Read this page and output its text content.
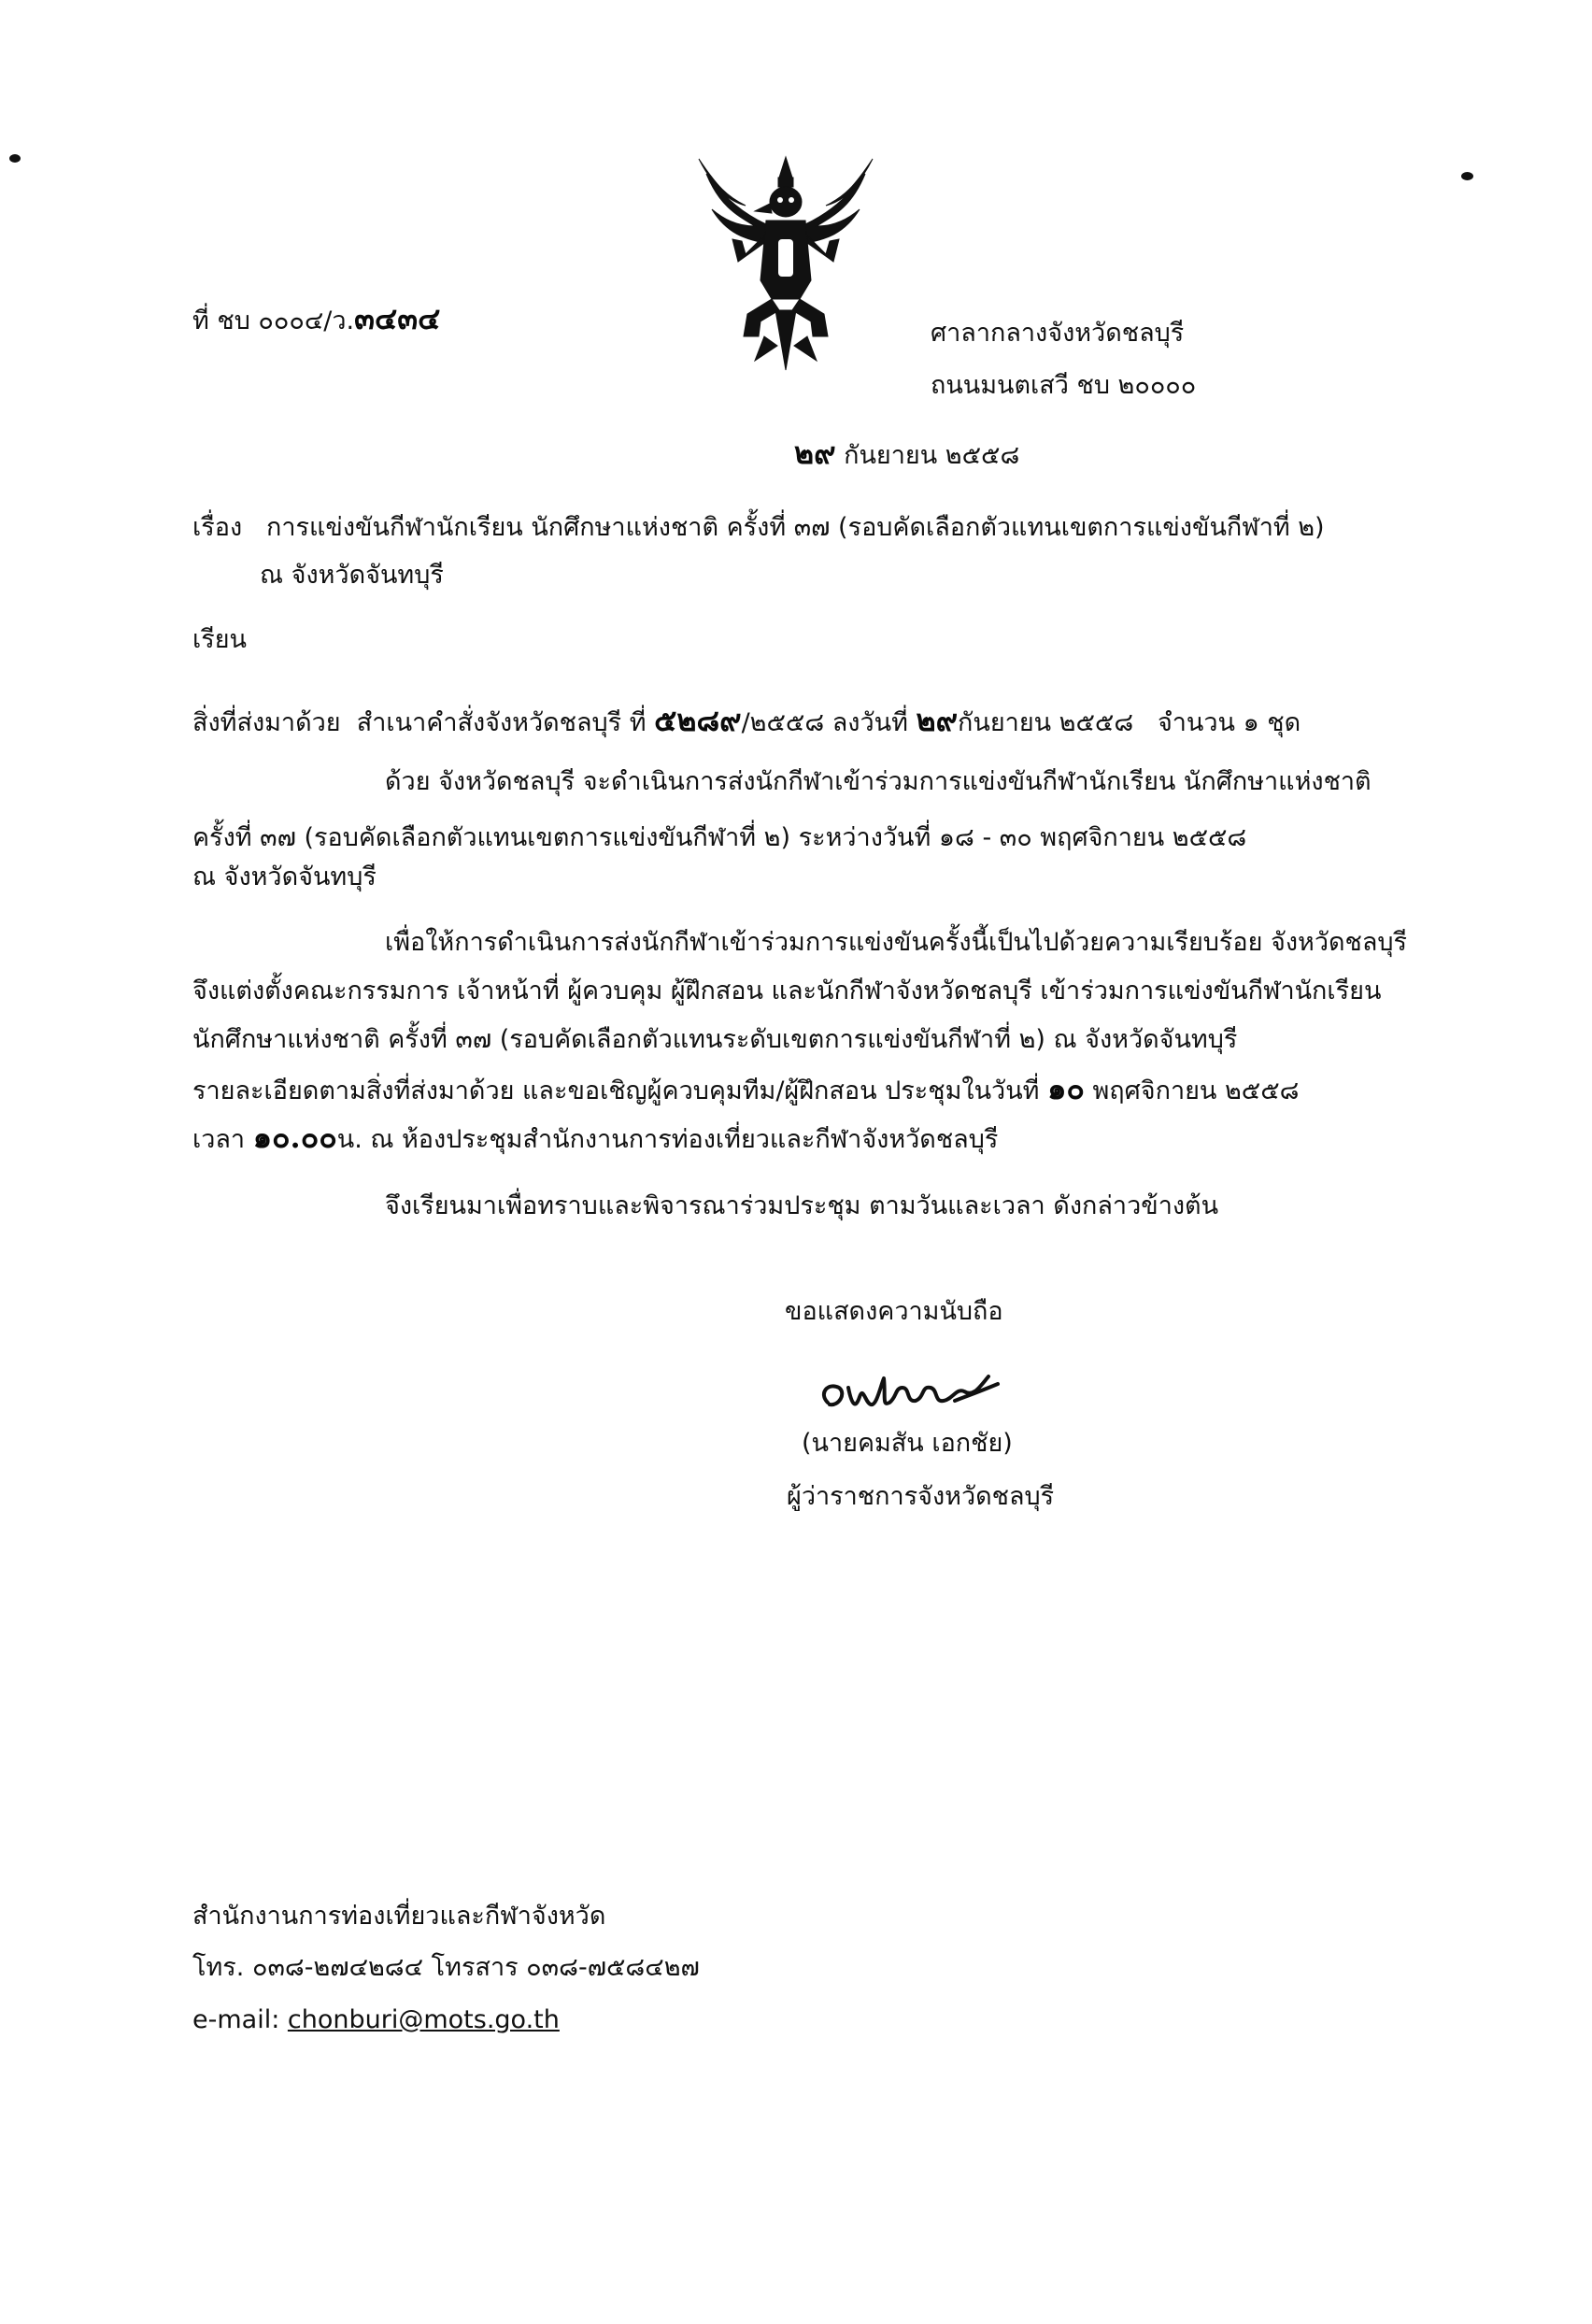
ที่ ชบ ๐๐๐๔/ว.๓๔๓๔	ศาลากลางจังหวัดชลบุรี
ถนนมนตเสวี ชบ ๒๐๐๐๐
๒๙ กันยายน ๒๕๕๘
เรื่อง การแข่งขันกีฬานักเรียน นักศึกษาแห่งชาติ ครั้งที่ ๓๗ (รอบคัดเลือกตัวแทนเขตการแข่งขันกีฬาที่ ๒)
ณ จังหวัดจันทบุรี
เรียน
สิ่งที่ส่งมาด้วย สำเนาคำสั่งจังหวัดชลบุรี ที่ ๕๒๘๙/๒๕๕๘ ลงวันที่ ๒๙กันยายน ๒๕๕๘ จำนวน ๑ ชุด
ด้วย จังหวัดชลบุรี จะดำเนินการส่งนักกีฬาเข้าร่วมการแข่งขันกีฬานักเรียน นักศึกษาแห่งชาติ
ครั้งที่ ๓๗ (รอบคัดเลือกตัวแทนเขตการแข่งขันกีฬาที่ ๒) ระหว่างวันที่ ๑๘ - ๓๐ พฤศจิกายน ๒๕๕๘
ณ จังหวัดจันทบุรี
เพื่อให้การดำเนินการส่งนักกีฬาเข้าร่วมการแข่งขันครั้งนี้เป็นไปด้วยความเรียบร้อย จังหวัดชลบุรี
จึงแต่งตั้งคณะกรรมการ เจ้าหน้าที่ ผู้ควบคุม ผู้ฝึกสอน และนักกีฬาจังหวัดชลบุรี เข้าร่วมการแข่งขันกีฬานักเรียน
นักศึกษาแห่งชาติ ครั้งที่ ๓๗ (รอบคัดเลือกตัวแทนระดับเขตการแข่งขันกีฬาที่ ๒) ณ จังหวัดจันทบุรี
รายละเอียดตามสิ่งที่ส่งมาด้วย และขอเชิญผู้ควบคุมทีม/ผู้ฝึกสอน ประชุมในวันที่ ๑๐ พฤศจิกายน ๒๕๕๘
เวลา ๑๐.๐๐น. ณ ห้องประชุมสำนักงานการท่องเที่ยวและกีฬาจังหวัดชลบุรี
จึงเรียนมาเพื่อทราบและพิจารณาร่วมประชุม ตามวันและเวลา ดังกล่าวข้างต้น
ขอแสดงความนับถือ
(นายคมสัน เอกชัย)
ผู้ว่าราชการจังหวัดชลบุรี
สำนักงานการท่องเที่ยวและกีฬาจังหวัด
โทร. ๐๓๘-๒๗๔๒๘๔ โทรสาร ๐๓๘-๗๕๘๔๒๗
e-mail: chonburi@mots.go.th
